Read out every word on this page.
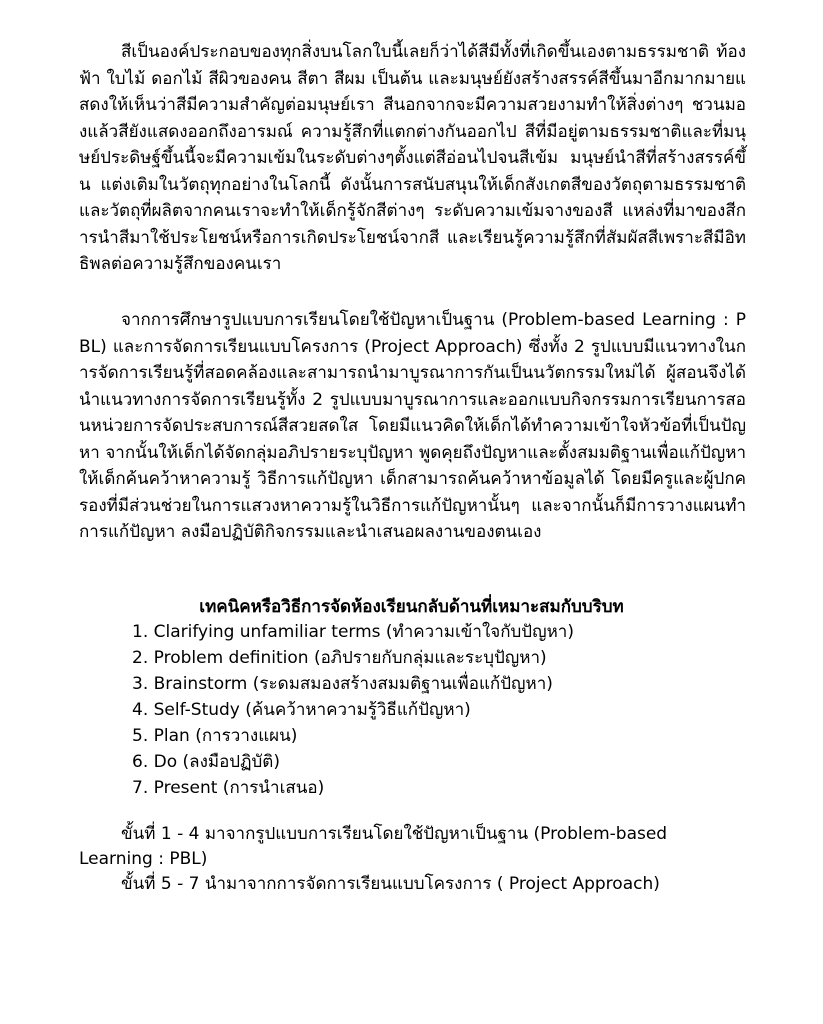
สีเป็นองค์ประกอบของทุกสิ่งบนโลกใบนี้เลยก็ว่าได้สีมีทั้งที่เกิดขึ้นเองตามธรรมชาติ ท้องฟ้า ใบไม้ ดอกไม้ สีผิวของคน สีตา สีผม เป็นต้น และมนุษย์ยังสร้างสรรค์สีขึ้นมาอีกมากมายแสดงให้เห็นว่าสีมีความสำคัญต่อมนุษย์เรา สีนอกจากจะมีความสวยงามทำให้สิ่งต่างๆ ชวนมองแล้วสียังแสดงออกถึงอารมณ์ ความรู้สึกที่แตกต่างกันออกไป สีที่มีอยู่ตามธรรมชาติและที่มนุษย์ประดิษฐ์ขึ้นนี้จะมีความเข้มในระดับต่างๆตั้งแต่สีอ่อนไปจนสีเข้ม มนุษย์นำสีที่สร้างสรรค์ขึ้น แต่งเติมในวัตถุทุกอย่างในโลกนี้ ดังนั้นการสนับสนุนให้เด็กสังเกตสีของวัตถุตามธรรมชาติและวัตถุที่ผลิตจากคนเราจะทำให้เด็กรู้จักสีต่างๆ ระดับความเข้มจางของสี แหล่งที่มาของสีการนำสีมาใช้ประโยชน์หรือการเกิดประโยชน์จากสี และเรียนรู้ความรู้สึกที่สัมผัสสีเพราะสีมีอิทธิพลต่อความรู้สึกของคนเรา

จากการศึกษารูปแบบการเรียนโดยใช้ปัญหาเป็นฐาน (Problem-based Learning : PBL) และการจัดการเรียนแบบโครงการ (Project Approach) ซึ่งทั้ง 2 รูปแบบมีแนวทางในการจัดการเรียนรู้ที่สอดคล้องและสามารถนำมาบูรณาการกันเป็นนวัตกรรมใหม่ได้ ผู้สอนจึงได้นำแนวทางการจัดการเรียนรู้ทั้ง 2 รูปแบบมาบูรณาการและออกแบบกิจกรรมการเรียนการสอนหน่วยการจัดประสบการณ์สีสวยสดใส โดยมีแนวคิดให้เด็กได้ทำความเข้าใจหัวข้อที่เป็นปัญหา จากนั้นให้เด็กได้จัดกลุ่มอภิปรายระบุปัญหา พูดคุยถึงปัญหาและตั้งสมมติฐานเพื่อแก้ปัญหา ให้เด็กค้นคว้าหาความรู้ วิธีการแก้ปัญหา เด็กสามารถค้นคว้าหาข้อมูลได้ โดยมีครูและผู้ปกครองที่มีส่วนช่วยในการแสวงหาความรู้ในวิธีการแก้ปัญหานั้นๆ และจากนั้นก็มีการวางแผนทำการแก้ปัญหา ลงมือปฏิบัติกิจกรรมและนำเสนอผลงานของตนเอง

เทคนิคหรือวิธีการจัดห้องเรียนกลับด้านที่เหมาะสมกับบริบท
1. Clarifying unfamiliar terms (ทำความเข้าใจกับปัญหา)
2. Problem definition (อภิปรายกับกลุ่มและระบุปัญหา)
3. Brainstorm (ระดมสมองสร้างสมมติฐานเพื่อแก้ปัญหา)
4. Self-Study (ค้นคว้าหาความรู้วิธีแก้ปัญหา)
5. Plan (การวางแผน)
6. Do (ลงมือปฏิบัติ)
7. Present (การนำเสนอ)

ขั้นที่ 1 - 4 มาจากรูปแบบการเรียนโดยใช้ปัญหาเป็นฐาน (Problem-based Learning : PBL)

ขั้นที่ 5 - 7 นำมาจากการจัดการเรียนแบบโครงการ ( Project Approach)
